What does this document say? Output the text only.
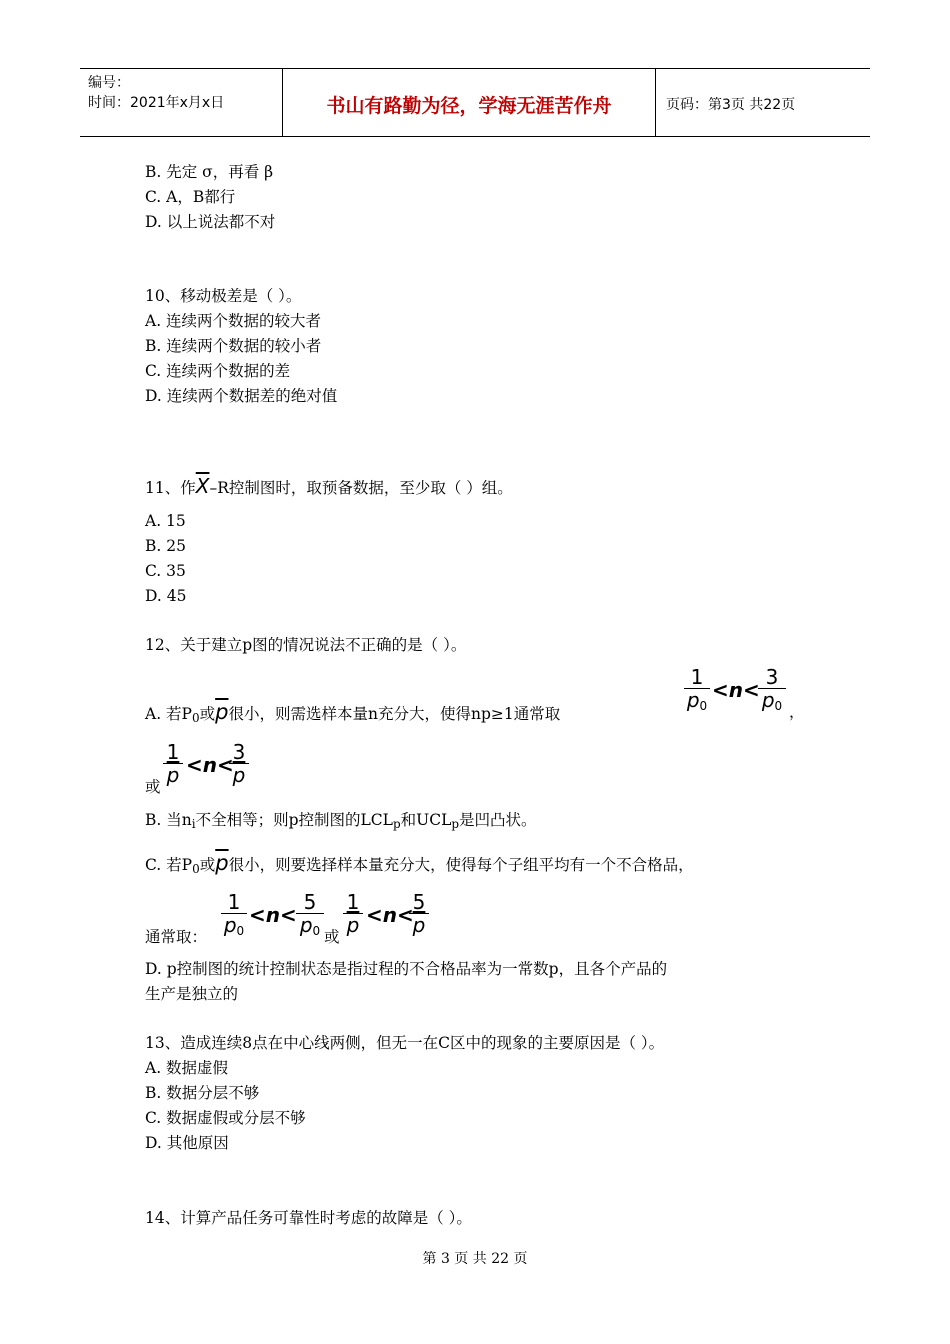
编号：
时间：2021年x月x日	书山有路勤为径，学海无涯苦作舟	页码：第3页 共22页
B. 先定 σ，再看 β
C. A，B都行
D. 以上说法都不对
10、移动极差是（ ）。
A. 连续两个数据的较大者
B. 连续两个数据的较小者
C. 连续两个数据的差
D. 连续两个数据差的绝对值
11、作$\overline{X}-R$控制图时，取预备数据，至少取（ ）组。
A. 15
B. 25
C. 35
D. 45
12、关于建立p图的情况说法不正确的是（ ）。
A. 若$P_0$或$\overline{p}$很小，则需选样本量n充分大，使得np≥1通常取
1
$p_0$
<n<
3
$p_0$ ，
或
$\frac{1}{p} <n<$
$\frac{3}{p}$
B. 当$n_i$不全相等；则p控制图的$LCL_p$和$UCL_p$是凹凸状。
C. 若$P_0$或$\overline{p}$很小，则要选择样本量充分大，使得每个子组平均有一个不合格品，
通常取：
1
$p_0$
<n<
5
$p_0$ 或
$\frac{1}{p} <n<$
$\frac{5}{p}$
D. p控制图的统计控制状态是指过程的不合格品率为一常数p，且各个产品的
生产是独立的
13、造成连续8点在中心线两侧，但无一在C区中的现象的主要原因是（ ）。
A. 数据虚假
B. 数据分层不够
C. 数据虚假或分层不够
D. 其他原因
14、计算产品任务可靠性时考虑的故障是（ ）。
第 3 页 共 22 页
